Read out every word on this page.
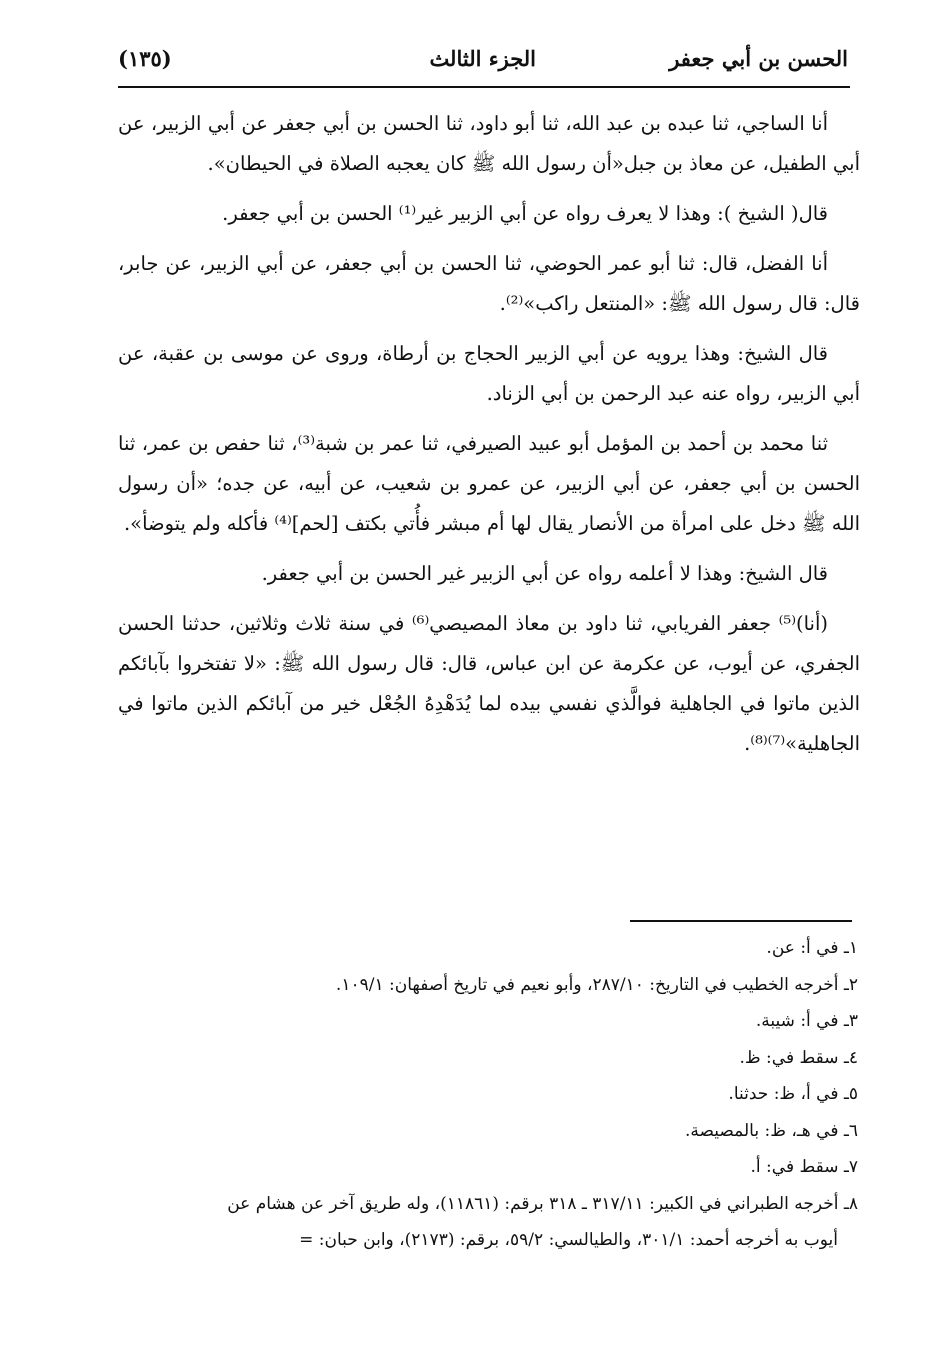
الحسن بن أبي جعفر
الجزء الثالث
(١٣٥)

أنا الساجي، ثنا عبده بن عبد الله، ثنا أبو داود، ثنا الحسن بن أبي جعفر عن أبي الزبير، عن أبي الطفيل، عن معاذ بن جبل«أن رسول الله ﷺ كان يعجبه الصلاة في الحيطان».

قال( الشيخ ): وهذا لا يعرف رواه عن أبي الزبير غير⁽¹⁾ الحسن بن أبي جعفر.

أنا الفضل، قال: ثنا أبو عمر الحوضي، ثنا الحسن بن أبي جعفر، عن أبي الزبير، عن جابر، قال: قال رسول الله ﷺ: «المنتعل راكب»⁽²⁾.

قال الشيخ: وهذا يرويه عن أبي الزبير الحجاج بن أرطاة، وروى عن موسى بن عقبة، عن أبي الزبير، رواه عنه عبد الرحمن بن أبي الزناد.

ثنا محمد بن أحمد بن المؤمل أبو عبيد الصيرفي، ثنا عمر بن شبة⁽³⁾، ثنا حفص بن عمر، ثنا الحسن بن أبي جعفر، عن أبي الزبير، عن عمرو بن شعيب، عن أبيه، عن جده؛ «أن رسول الله ﷺ دخل على امرأة من الأنصار يقال لها أم مبشر فأُتي بكتف [لحم]⁽⁴⁾ فأكله ولم يتوضأ».

قال الشيخ: وهذا لا أعلمه رواه عن أبي الزبير غير الحسن بن أبي جعفر.

(أنا)⁽⁵⁾ جعفر الفريابي، ثنا داود بن معاذ المصيصي⁽⁶⁾ في سنة ثلاث وثلاثين، حدثنا الحسن الجفري، عن أيوب، عن عكرمة عن ابن عباس، قال: قال رسول الله ﷺ: «لا تفتخروا بآبائكم الذين ماتوا في الجاهلية فوالَّذي نفسي بيده لما يُدَهْدِهُ الجُعْل خير من آبائكم الذين ماتوا في الجاهلية»⁽⁷⁾⁽⁸⁾.

١ـ في أ: عن.

٢ـ أخرجه الخطيب في التاريخ: ٢٨٧/١٠، وأبو نعيم في تاريخ أصفهان: ١٠٩/١.

٣ـ في أ: شيبة.

٤ـ سقط في: ظ.

٥ـ في أ، ظ: حدثنا.

٦ـ في هـ، ظ: بالمصيصة.

٧ـ سقط في: أ.

٨ـ أخرجه الطبراني في الكبير: ٣١٧/١١ ـ ٣١٨ برقم: (١١٨٦١)، وله طريق آخر عن هشام عن

أيوب به أخرجه أحمد: ٣٠١/١، والطيالسي: ٥٩/٢، برقم: (٢١٧٣)، وابن حبان: =
